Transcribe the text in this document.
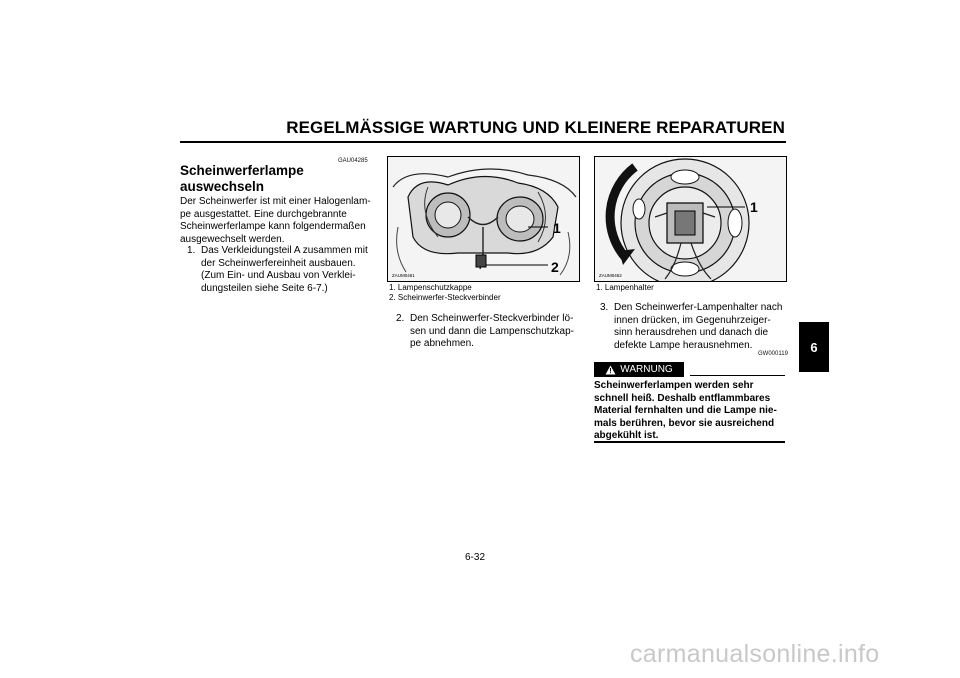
REGELMÄSSIGE WARTUNG UND KLEINERE REPARATUREN
6
GAU04285
Scheinwerferlampe
auswechseln
Der Scheinwerfer ist mit einer Halogenlam-
pe ausgestattet. Eine durchgebrannte
Scheinwerferlampe kann folgendermaßen
ausgewechselt werden.
1. Das Verkleidungsteil A zusammen mit
der Scheinwerfereinheit ausbauen.
(Zum Ein- und Ausbau von Verklei-
dungsteilen siehe Seite 6-7.)
1
2
ZAUM0461
1. Lampenschutzkappe
2. Scheinwerfer-Steckverbinder
2. Den Scheinwerfer-Steckverbinder lö-
sen und dann die Lampenschutzkap-
pe abnehmen.
1
ZAUM0462
1. Lampenhalter
3. Den Scheinwerfer-Lampenhalter nach
innen drücken, im Gegenuhrzeiger-
sinn herausdrehen und danach die
defekte Lampe herausnehmen.
GW000119
WARNUNG
Scheinwerferlampen werden sehr
schnell heiß. Deshalb entflammbares
Material fernhalten und die Lampe nie-
mals berühren, bevor sie ausreichend
abgekühlt ist.
6-32
carmanualsonline.info
